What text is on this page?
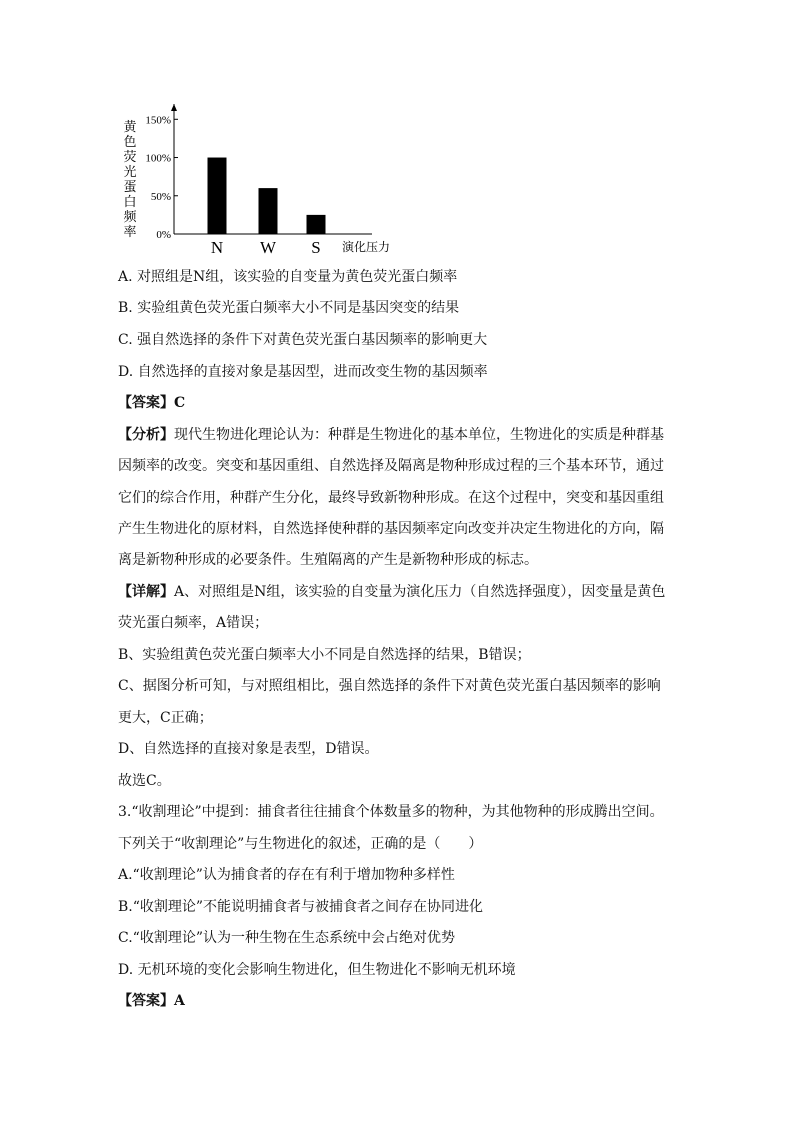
150%
100%
50%
0%
黄
色
荧
光
蛋
白
频
率
N W S 演化压力
A. 对照组是N组，该实验的自变量为黄色荧光蛋白频率
B. 实验组黄色荧光蛋白频率大小不同是基因突变的结果
C. 强自然选择的条件下对黄色荧光蛋白基因频率的影响更大
D. 自然选择的直接对象是基因型，进而改变生物的基因频率
【答案】C
【分析】现代生物进化理论认为：种群是生物进化的基本单位，生物进化的实质是种群基
因频率的改变。突变和基因重组、自然选择及隔离是物种形成过程的三个基本环节，通过
它们的综合作用，种群产生分化，最终导致新物种形成。在这个过程中，突变和基因重组
产生生物进化的原材料，自然选择使种群的基因频率定向改变并决定生物进化的方向，隔
离是新物种形成的必要条件。生殖隔离的产生是新物种形成的标志。
【详解】A、对照组是N组，该实验的自变量为演化压力（自然选择强度），因变量是黄色
荧光蛋白频率，A错误；
B、实验组黄色荧光蛋白频率大小不同是自然选择的结果，B错误；
C、据图分析可知，与对照组相比，强自然选择的条件下对黄色荧光蛋白基因频率的影响
更大，C正确；
D、自然选择的直接对象是表型，D错误。
故选C。
3.“收割理论”中提到：捕食者往往捕食个体数量多的物种，为其他物种的形成腾出空间。
下列关于“收割理论”与生物进化的叙述，正确的是（　　）
A.“收割理论”认为捕食者的存在有利于增加物种多样性
B.“收割理论”不能说明捕食者与被捕食者之间存在协同进化
C.“收割理论”认为一种生物在生态系统中会占绝对优势
D. 无机环境的变化会影响生物进化，但生物进化不影响无机环境
【答案】A
